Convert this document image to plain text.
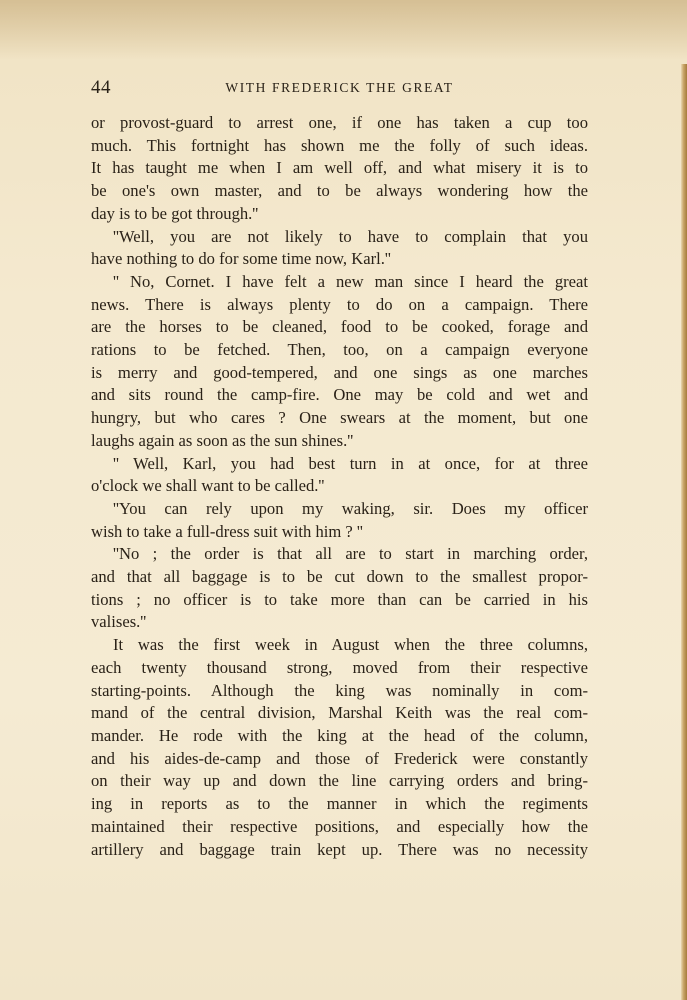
44	WITH FREDERICK THE GREAT
or provost-guard to arrest one, if one has taken a cup too
much. This fortnight has shown me the folly of such ideas.
It has taught me when I am well off, and what misery it is to
be one's own master, and to be always wondering how the
day is to be got through.''
''Well, you are not likely to have to complain that you
have nothing to do for some time now, Karl.''
'' No, Cornet. I have felt a new man since I heard the great
news. There is always plenty to do on a campaign. There
are the horses to be cleaned, food to be cooked, forage and
rations to be fetched. Then, too, on a campaign everyone
is merry and good-tempered, and one sings as one marches
and sits round the camp-fire. One may be cold and wet and
hungry, but who cares ? One swears at the moment, but one
laughs again as soon as the sun shines.''
'' Well, Karl, you had best turn in at once, for at three
o'clock we shall want to be called.''
''You can rely upon my waking, sir. Does my officer
wish to take a full-dress suit with him ? ''
''No ; the order is that all are to start in marching order,
and that all baggage is to be cut down to the smallest propor-
tions ; no officer is to take more than can be carried in his
valises.''
It was the first week in August when the three columns,
each twenty thousand strong, moved from their respective
starting-points. Although the king was nominally in com-
mand of the central division, Marshal Keith was the real com-
mander. He rode with the king at the head of the column,
and his aides-de-camp and those of Frederick were constantly
on their way up and down the line carrying orders and bring-
ing in reports as to the manner in which the regiments
maintained their respective positions, and especially how the
artillery and baggage train kept up. There was no necessity
